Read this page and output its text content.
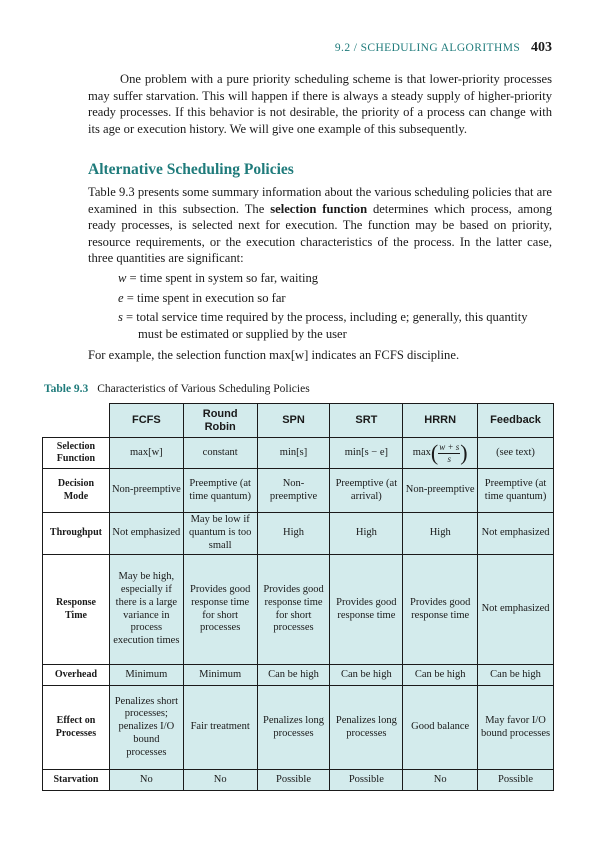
9.2 / SCHEDULING ALGORITHMS 403

One problem with a pure priority scheduling scheme is that lower-priority processes may suffer starvation. This will happen if there is always a steady supply of higher-priority ready processes. If this behavior is not desirable, the priority of a process can change with its age or execution history. We will give one example of this subsequently.

Alternative Scheduling Policies

Table 9.3 presents some summary information about the various scheduling policies that are examined in this subsection. The selection function determines which process, among ready processes, is selected next for execution. The function may be based on priority, resource requirements, or the execution characteristics of the process. In the latter case, three quantities are significant:

w = time spent in system so far, waiting
e = time spent in execution so far
s = total service time required by the process, including e; generally, this quantity must be estimated or supplied by the user

For example, the selection function max[w] indicates an FCFS discipline.

Table 9.3 Characteristics of Various Scheduling Policies
	FCFS	Round Robin	SPN	SRT	HRRN	Feedback
Selection Function	max[w]	constant	min[s]	min[s − e]	max ( $\frac{w + s}{s}$ )	(see text)
Decision Mode	Non-preemptive	Preemptive (at time quantum)	Non-preemptive	Preemptive (at arrival)	Non-preemptive	Preemptive (at time quantum)
Throughput	Not emphasized	May be low if quantum is too small	High	High	High	Not emphasized
Response Time	May be high, especially if there is a large variance in process execution times	Provides good response time for short processes	Provides good response time for short processes	Provides good response time	Provides good response time	Not emphasized
Overhead	Minimum	Minimum	Can be high	Can be high	Can be high	Can be high
Effect on Processes	Penalizes short processes; penalizes I/O bound processes	Fair treatment	Penalizes long processes	Penalizes long processes	Good balance	May favor I/O bound processes
Starvation	No	No	Possible	Possible	No	Possible
